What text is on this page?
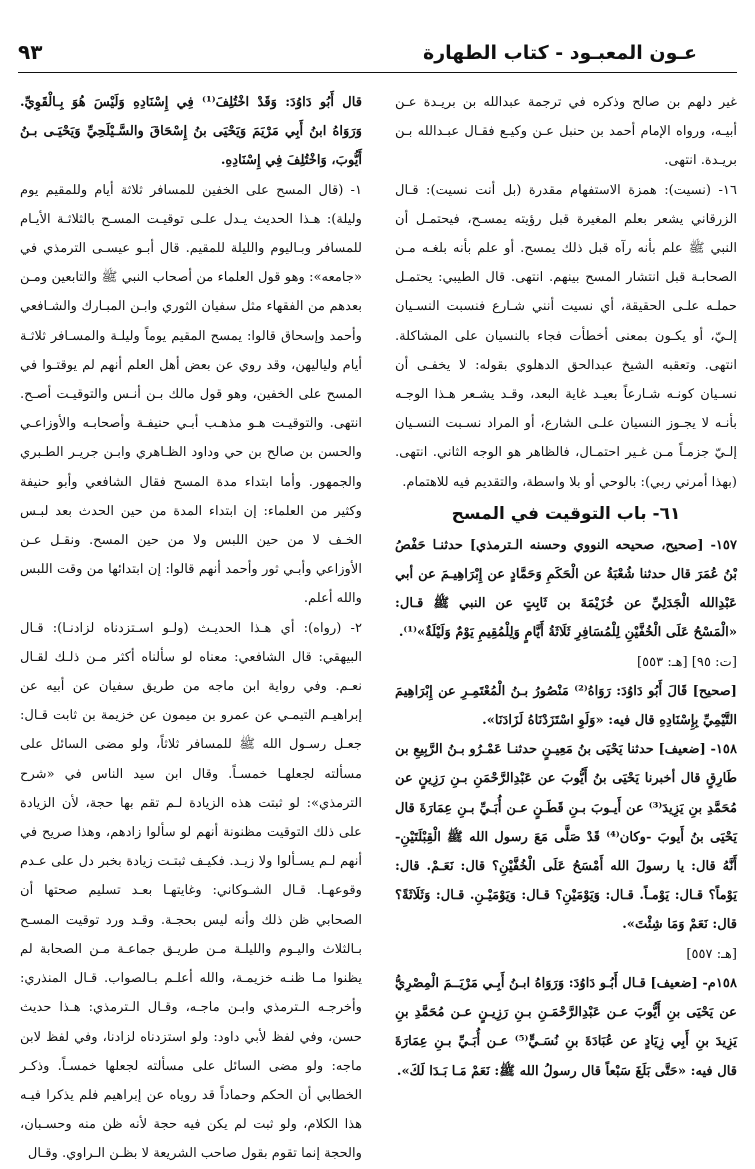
٩٣	عـون المعبـود - كتاب الطهارة

غير دلهم بن صالح وذكره في ترجمة عبدالله بن بريـدة عـن أبيـه، ورواه الإمام أحمد بن حنبل عـن وكيـع فقـال عبـدالله بـن بريـدة. انتهى.

١٦- (نسيت): همزة الاستفهام مقدرة (بل أنت نسيت): قـال الزرقاني يشعر بعلم المغيرة قبل رؤيته يمسـح، فيحتمـل أن النبي ﷺ علم بأنه رآه قبل ذلك يمسح. أو علم بأنه بلغـه مـن الصحابـة قبل انتشار المسح بينهم. انتهى. قال الطيبي: يحتمـل حملـه علـى الحقيقة، أي نسيت أنني شـارع فنسبت النسـيان إلـيّ، أو يكـون بمعنى أخطأت فجاء بالنسيان على المشاكلة. انتهى. وتعقبه الشيخ عبدالحق الدهلوي بقوله: لا يخفـى أن نسـيان كونـه شـارعاً بعيـد غاية البعد، وقـد يشـعر هـذا الوجـه بأنـه لا يجـوز النسيان علـى الشارع، أو المراد نسـبت النسـيان إلـيّ جزمـاً مـن غـير احتمـال، فالظاهر هو الوجه الثاني. انتهى. (بهذا أمرني ربي): بالوحي أو بلا واسطة، والتقديم فيه للاهتمام.

٦١- باب التوقيت في المسح

١٥٧- [صحيح، صحيحه النووي وحسنه الـترمذي] حدثنـا حَفْصُ بْنُ عُمَرَ قال حدثنا شُعْبَةُ عن الْحَكَمِ وَحَمَّادٍ عن إِبْرَاهِيـمَ عن أبي عَبْدِالله الْجَدَلِيِّ عن خُزَيْمَةَ بن ثَابِتٍ عن النبي ﷺ قـال: «الْمَسْحُ عَلَى الْخُفَّيْنِ لِلْمُسَافِرِ ثَلَاثَةُ أَيَّامٍ وَلِلْمُقِيمِ يَوْمٌ وَلَيْلَةٌ»⁽¹⁾.

[ت: ٩٥] [هـ: ٥٥٣]

[صحيح] قَالَ أَبُو دَاوُدَ: رَوَاهُ⁽²⁾ مَنْصُورُ بـنُ الْمُعْتَمِـرِ عن إِبْرَاهِيمَ التَّيْمِيِّ بِإِسْنَادِهِ قال فيه: «وَلَوِ اسْتَزَدْنَاهُ لَزَادَنَا».

١٥٨- [ضعيف] حدثنا يَحْيَى بنُ مَعِيـنٍ حدثنـا عَمْـرُو بـنُ الرَّبِيعِ بن طَارِقٍ قال أخبرنا يَحْيَى بنُ أَيُّوبَ عن عَبْدِالرَّحْمَنِ بـنِ رَزِينٍ عن مُحَمَّدِ بنِ يَزِيدَ⁽³⁾ عن أَيـوبَ بـنِ قَطَـنٍ عـن أُبَـيِّ بـنِ عِمَارَةَ قال يَحْيَى بنُ أَيوبَ -وكان⁽⁴⁾ قَدْ صَلَّى مَعَ رسول الله ﷺ الْقِبْلَتَيْنِ- أَنَّهُ قال: يا رسولَ الله أَمْسَحُ عَلَى الْخُفَّيْنِ؟ قال: نَعَـمْ. قال: يَوْماً؟ قـال: يَوْمـاً. قـال: وَيَوْمَيْنِ؟ قـال: وَيَوْمَيْـنِ. قـال: وَثَلَاثَةً؟ قال: نَعَمْ وَمَا شِئْتَ».

[هـ: ٥٥٧]

١٥٨م- [ضعيف] قـال أَبُـو دَاوُدَ: وَرَوَاهُ ابـنُ أَبِـي مَرْيَــمَ الْمِصْرِيُّ عن يَحْيَى بنِ أَيُّوبَ عـن عَبْدِالرَّحْمَـنِ بـنِ رَزِيـنٍ عـن مُحَمَّدِ بنِ يَزِيدَ بنِ أَبِي زِيَادٍ عن عُبَادَةَ بنِ نُسَـيٍّ⁽⁵⁾ عـن أُبَـيِّ بـنِ عِمَارَةَ قال فيه: «حَتَّى بَلَغَ سَبْعاً قال رسولُ الله ﷺ: نَعَمْ مَـا بَـدَا لَكَ».

قال أَبُو دَاوُدَ: وَقَدْ اخْتُلِفَ⁽¹⁾ فِي إِسْنَادِهِ وَلَيْسَ هُوَ بِـالْقَوِيِّ. وَرَوَاهُ ابنُ أَبِي مَرْيَمَ وَيَحْيَى بنُ إِسْحَاقَ والسَّـيْلَحِيِّ وَيَحْيَـى بـنُ أَيُّوبَ، وَاخْتُلِفَ فِي إِسْنَادِهِ.

١- (قال المسح على الخفين للمسافر ثلاثة أيام وللمقيم يوم وليلة): هـذا الحديث يـدل علـى توقيـت المسـح بالثلاثـة الأيـام للمسافر وبـاليوم والليلة للمقيم. قال أبـو عيسـى الترمذي في «جامعه»: وهو قول العلماء من أصحاب النبي ﷺ والتابعين ومـن بعدهم من الفقهاء مثل سفيان الثوري وابـن المبـارك والشـافعي وأحمد وإسحاق قالوا: يمسح المقيم يوماً وليلـة والمسـافر ثلاثـة أيام ولياليهن، وقد روي عن بعض أهل العلم أنهم لم يوقتـوا في المسح على الخفين، وهو قول مالك بـن أنـس والتوقيـت أصـح. انتهى. والتوقيـت هـو مذهـب أبـي حنيفـة وأصحابـه والأوزاعـي والحسن بن صالح بن حي وداود الظـاهري وابـن جريـر الطـبري والجمهور. وأما ابتداء مدة المسح فقال الشافعي وأبو حنيفة وكثير من العلماء: إن ابتداء المدة من حين الحدث بعد لبـس الخـف لا من حين اللبس ولا من حين المسح. ونقـل عـن الأوزاعي وأبـي ثور وأحمد أنهم قالوا: إن ابتدائها من وقت اللبس والله أعلم.

٢- (رواه): أي هـذا الحديـث (ولـو اسـتزدناه لزادنـا): قـال البيهقي: قال الشافعي: معناه لو سألناه أكثر مـن ذلـك لقـال نعـم. وفي رواية ابن ماجه من طريق سفيان عن أبيه عن إبراهيـم التيمـي عن عمرو بن ميمون عن خزيمة بن ثابت قـال: جعـل رسـول الله ﷺ للمسافر ثلاثاً، ولو مضى السائل على مسألته لجعلهـا خمسـاً. وقال ابن سيد الناس في «شرح الترمذي»: لو ثبتت هذه الزيادة لـم تقم بها حجة، لأن الزيادة على ذلك التوقيت مظنونة أنهم لو سألوا زادهم، وهذا صريح في أنهم لـم يسـألوا ولا زيـد. فكيـف ثبتـت زيادة بخبر دل على عـدم وقوعهـا. قـال الشـوكاني: وغايتهـا بعـد تسليم صحتها أن الصحابي ظن ذلك وأنه ليس بحجـة. وقـد ورد توقيت المسـح بـالثلاث واليـوم والليلـة مـن طريـق جماعـة مـن الصحابة لم يظنوا مـا ظنـه خزيمـة، والله أعلـم بـالصواب. قـال المنذري: وأخرجـه الـترمذي وابـن ماجـه، وقـال الـترمذي: هـذا حديث حسن، وفي لفظ لأبي داود: ولو استزدناه لزادنا، وفي لفظ لابن ماجه: ولو مضى السائل على مسألته لجعلها خمسـاً. وذكـر الخطابي أن الحكم وحماداً قد روياه عن إبراهيم فلم يذكرا فيـه هذا الكلام، ولو ثبت لم يكن فيه حجة لأنه ظن منه وحسـبان، والحجة إنما تقوم بقول صاحب الشريعة لا بظـن الـراوي. وقـال
